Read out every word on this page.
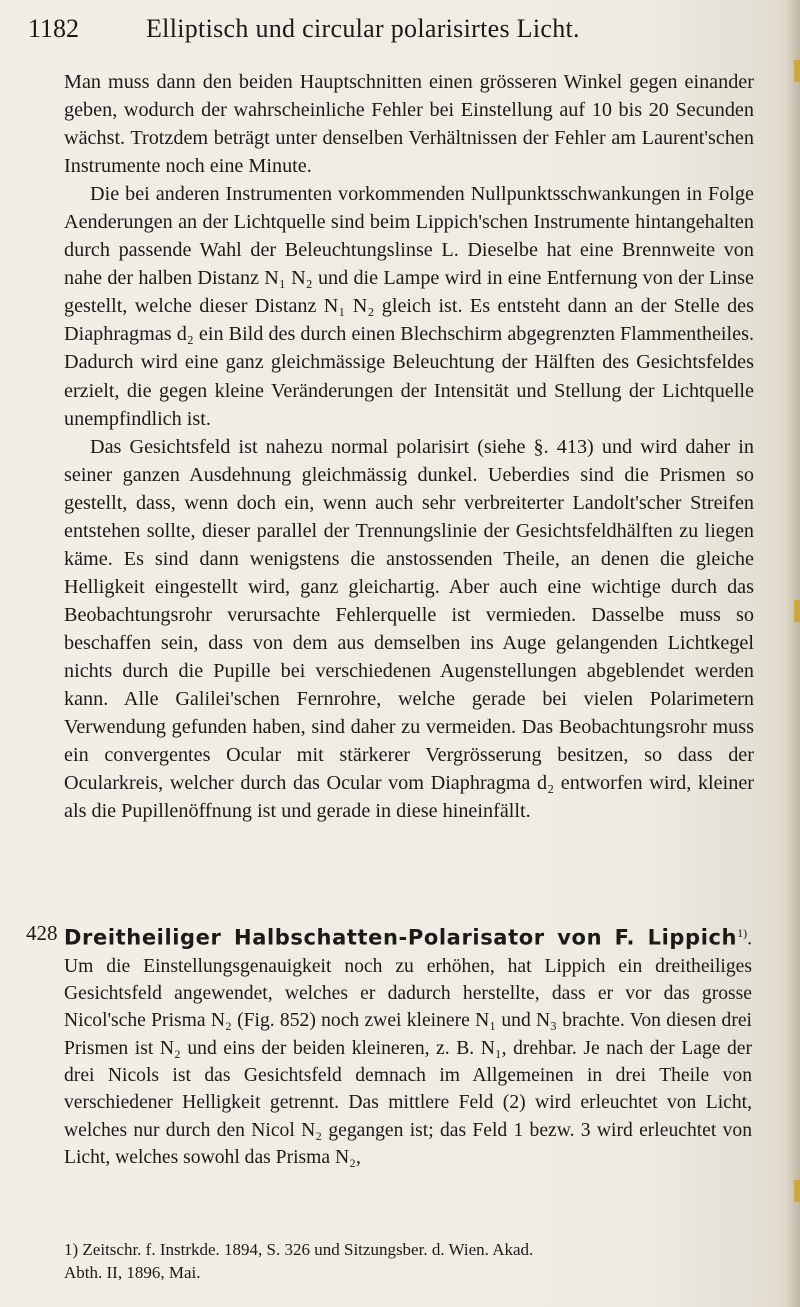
1182	Elliptisch und circular polarisirtes Licht.

Man muss dann den beiden Hauptschnitten einen grösseren Winkel gegen einander geben, wodurch der wahrscheinliche Fehler bei Einstellung auf 10 bis 20 Secunden wächst. Trotzdem beträgt unter denselben Verhältnissen der Fehler am Laurent'schen Instrumente noch eine Minute.

Die bei anderen Instrumenten vorkommenden Nullpunktsschwankungen in Folge Aenderungen an der Lichtquelle sind beim Lippich'schen Instrumente hintangehalten durch passende Wahl der Beleuchtungslinse L. Dieselbe hat eine Brennweite von nahe der halben Distanz N₁ N₂ und die Lampe wird in eine Entfernung von der Linse gestellt, welche dieser Distanz N₁ N₂ gleich ist. Es entsteht dann an der Stelle des Diaphragmas d₂ ein Bild des durch einen Blechschirm abgegrenzten Flammentheiles. Dadurch wird eine ganz gleichmässige Beleuchtung der Hälften des Gesichtsfeldes erzielt, die gegen kleine Veränderungen der Intensität und Stellung der Lichtquelle unempfindlich ist.

Das Gesichtsfeld ist nahezu normal polarisirt (siehe §. 413) und wird daher in seiner ganzen Ausdehnung gleichmässig dunkel. Ueberdies sind die Prismen so gestellt, dass, wenn doch ein, wenn auch sehr verbreiterter Landolt'scher Streifen entstehen sollte, dieser parallel der Trennungslinie der Gesichtsfeldhälften zu liegen käme. Es sind dann wenigstens die anstossenden Theile, an denen die gleiche Helligkeit eingestellt wird, ganz gleichartig. Aber auch eine wichtige durch das Beobachtungsrohr verursachte Fehlerquelle ist vermieden. Dasselbe muss so beschaffen sein, dass von dem aus demselben ins Auge gelangenden Lichtkegel nichts durch die Pupille bei verschiedenen Augenstellungen abgeblendet werden kann. Alle Galilei'schen Fernrohre, welche gerade bei vielen Polarimetern Verwendung gefunden haben, sind daher zu vermeiden. Das Beobachtungsrohr muss ein convergentes Ocular mit stärkerer Vergrösserung besitzen, so dass der Ocularkreis, welcher durch das Ocular vom Diaphragma d₂ entworfen wird, kleiner als die Pupillenöffnung ist und gerade in diese hineinfällt.

428 Dreitheiliger Halbschatten-Polarisator von F. Lippich$^{1)}$. Um die Einstellungsgenauigkeit noch zu erhöhen, hat Lippich ein dreitheiliges Gesichtsfeld angewendet, welches er dadurch herstellte, dass er vor das grosse Nicol'sche Prisma N₂ (Fig. 852) noch zwei kleinere N₁ und N₃ brachte. Von diesen drei Prismen ist N₂ und eins der beiden kleineren, z. B. N₁, drehbar. Je nach der Lage der drei Nicols ist das Gesichtsfeld demnach im Allgemeinen in drei Theile von verschiedener Helligkeit getrennt. Das mittlere Feld (2) wird erleuchtet von Licht, welches nur durch den Nicol N₂ gegangen ist; das Feld 1 bezw. 3 wird erleuchtet von Licht, welches sowohl das Prisma N₂,
1) Zeitschr. f. Instrkde. 1894, S. 326 und Sitzungsber. d. Wien. Akad.
Abth. II, 1896, Mai.
